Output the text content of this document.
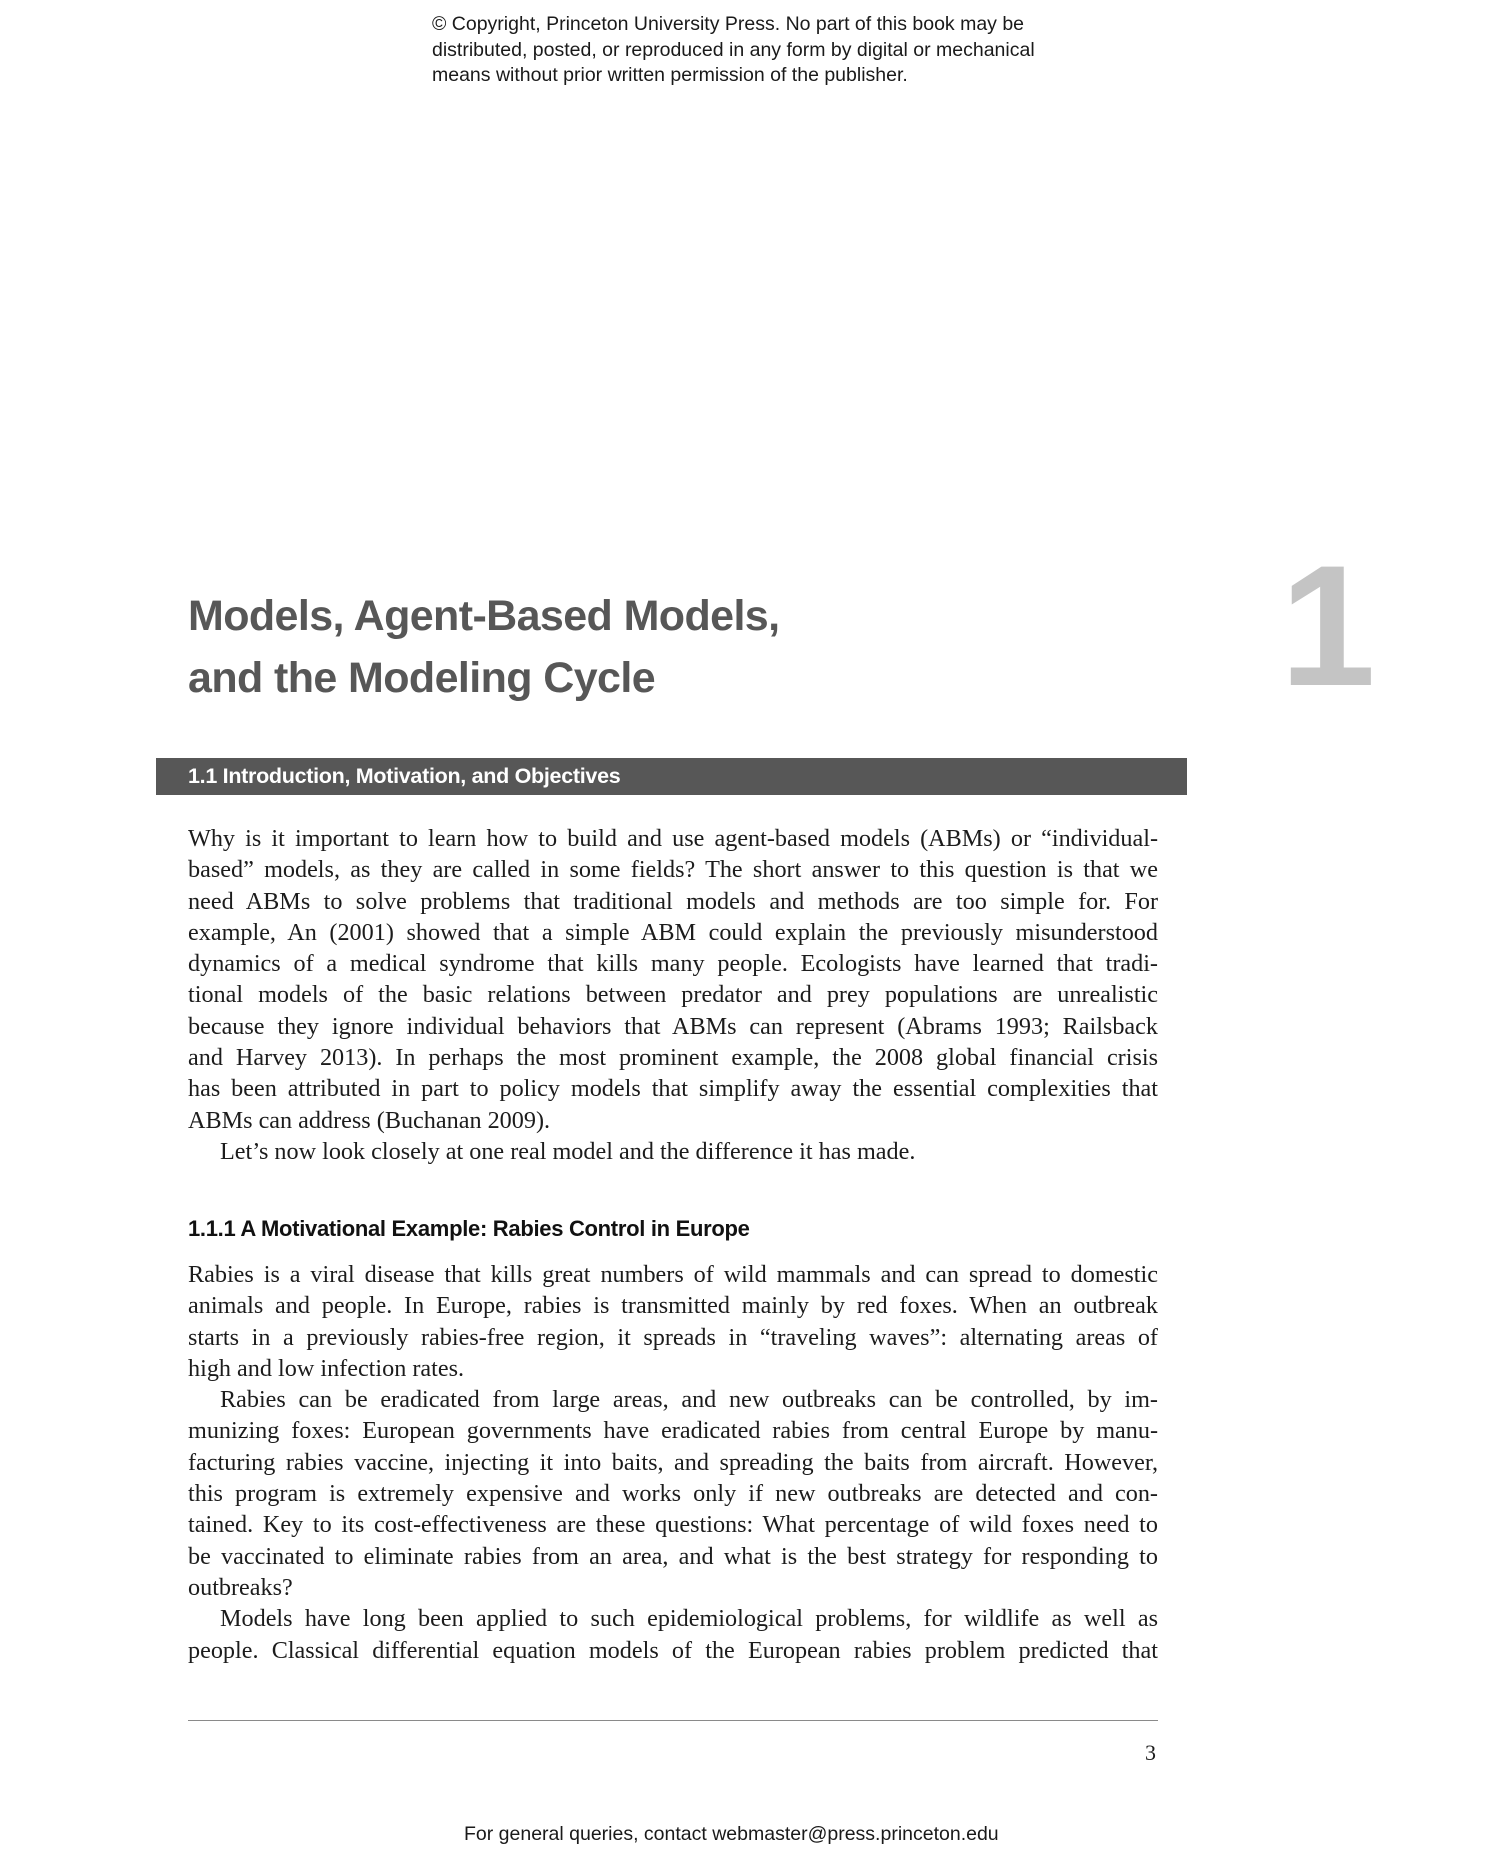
© Copyright, Princeton University Press. No part of this book may be
distributed, posted, or reproduced in any form by digital or mechanical
means without prior written permission of the publisher.
Models, Agent-Based Models,
and the Modeling Cycle	1
1.1 Introduction, Motivation, and Objectives
Why is it important to learn how to build and use agent-based models (ABMs) or “individual-
based” models, as they are called in some fields? The short answer to this question is that we
need ABMs to solve problems that traditional models and methods are too simple for. For
example, An (2001) showed that a simple ABM could explain the previously misunderstood
dynamics of a medical syndrome that kills many people. Ecologists have learned that tradi-
tional models of the basic relations between predator and prey populations are unrealistic
because they ignore individual behaviors that ABMs can represent (Abrams 1993; Railsback
and Harvey 2013). In perhaps the most prominent example, the 2008 global financial crisis
has been attributed in part to policy models that simplify away the essential complexities that
ABMs can address (Buchanan 2009).
Let’s now look closely at one real model and the difference it has made.
1.1.1 A Motivational Example: Rabies Control in Europe
Rabies is a viral disease that kills great numbers of wild mammals and can spread to domestic
animals and people. In Europe, rabies is transmitted mainly by red foxes. When an outbreak
starts in a previously rabies-free region, it spreads in “traveling waves”: alternating areas of
high and low infection rates.
Rabies can be eradicated from large areas, and new outbreaks can be controlled, by im-
munizing foxes: European governments have eradicated rabies from central Europe by manu-
facturing rabies vaccine, injecting it into baits, and spreading the baits from aircraft. However,
this program is extremely expensive and works only if new outbreaks are detected and con-
tained. Key to its cost-effectiveness are these questions: What percentage of wild foxes need to
be vaccinated to eliminate rabies from an area, and what is the best strategy for responding to
outbreaks?
Models have long been applied to such epidemiological problems, for wildlife as well as
people. Classical differential equation models of the European rabies problem predicted that
3
For general queries, contact webmaster@press.princeton.edu
